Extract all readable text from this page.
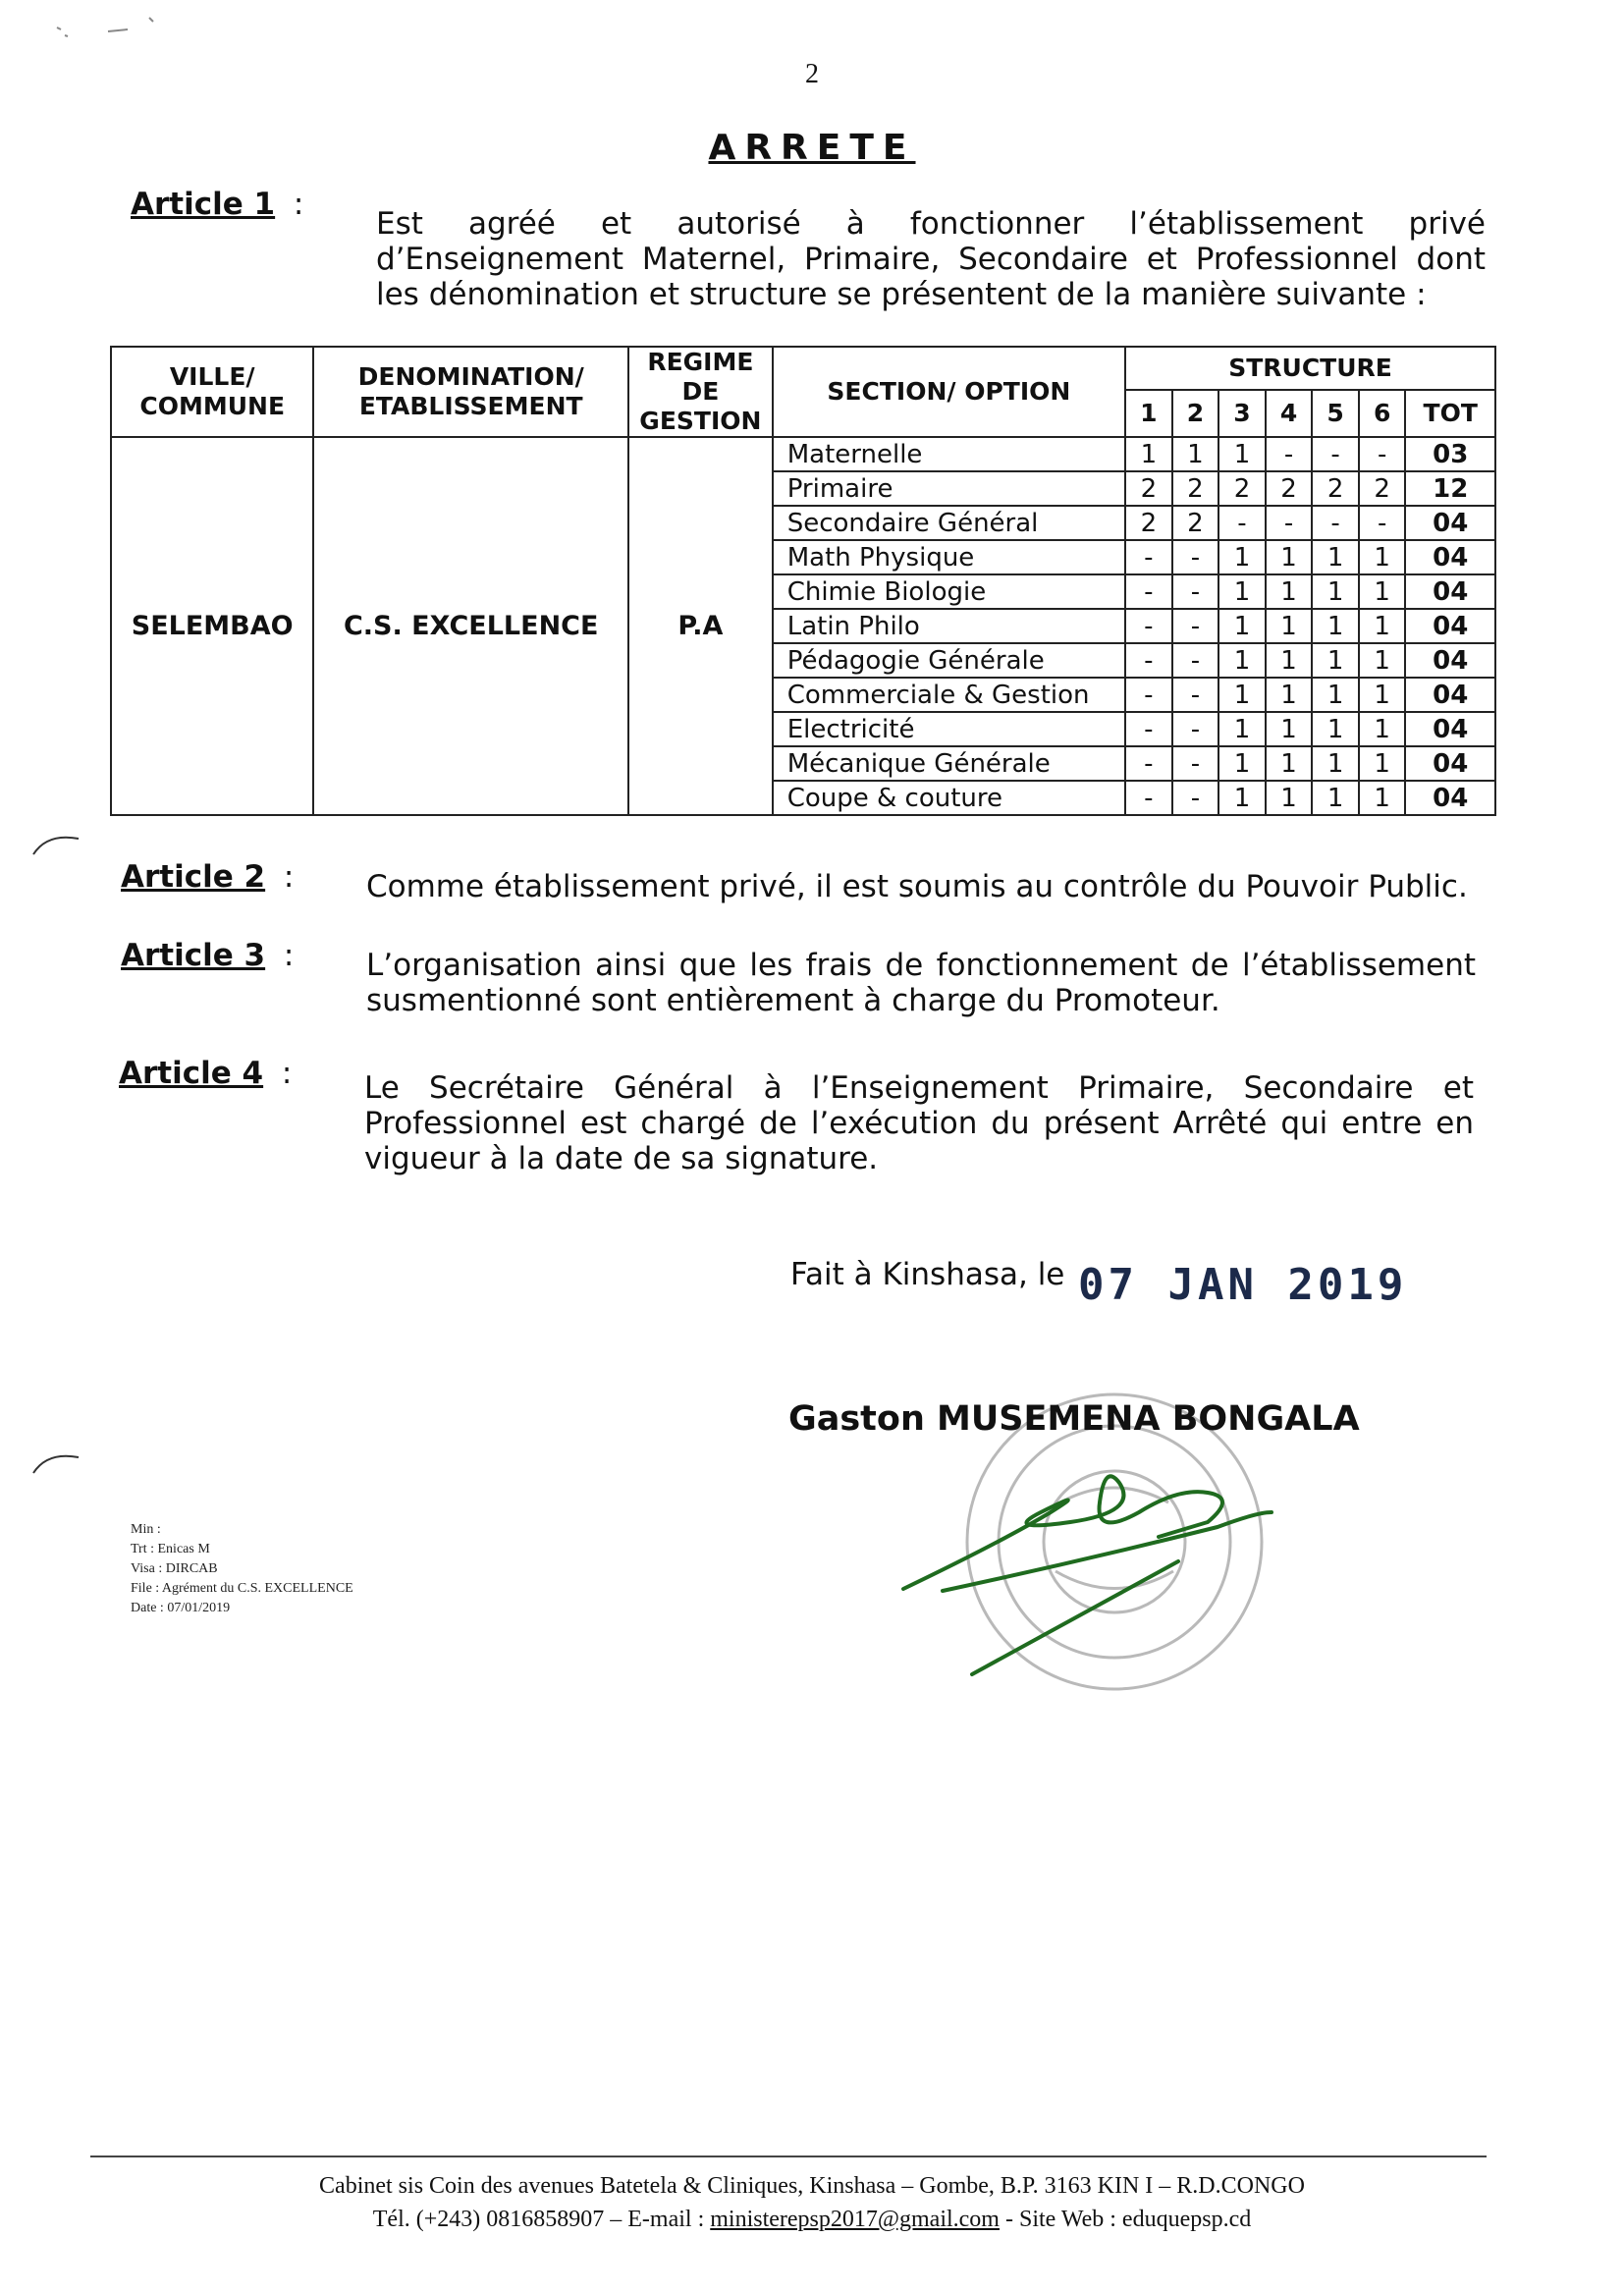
2
ARRETE
Article 1 :
Est agréé et autorisé à fonctionner l’établissement privé d’Enseignement Maternel, Primaire, Secondaire et Professionnel dont les dénomination et structure se présentent de la manière suivante :
VILLE/ COMMUNE	DENOMINATION/ ETABLISSEMENT	REGIME DE GESTION	SECTION/ OPTION	STRUCTURE						
				1	2	3	4	5	6	TOT
SELEMBAO	C.S. EXCELLENCE	P.A	Maternelle	1	1	1	-	-	-	03
			Primaire	2	2	2	2	2	2	12
			Secondaire Général	2	2	-	-	-	-	04
			Math Physique	-	-	1	1	1	1	04
			Chimie Biologie	-	-	1	1	1	1	04
			Latin Philo	-	-	1	1	1	1	04
			Pédagogie Générale	-	-	1	1	1	1	04
			Commerciale & Gestion	-	-	1	1	1	1	04
			Electricité	-	-	1	1	1	1	04
			Mécanique Générale	-	-	1	1	1	1	04
			Coupe & couture	-	-	1	1	1	1	04
Article 2 : Comme établissement privé, il est soumis au contrôle du Pouvoir Public.
Article 3 : L’organisation ainsi que les frais de fonctionnement de l’établissement susmentionné sont entièrement à charge du Promoteur.
Article 4 : Le Secrétaire Général à l’Enseignement Primaire, Secondaire et Professionnel est chargé de l’exécution du présent Arrêté qui entre en vigueur à la date de sa signature.
Fait à Kinshasa, le 07 JAN 2019
Gaston MUSEMENA BONGALA
Min :
Trt : Enicas M
Visa : DIRCAB
File : Agrément du C.S. EXCELLENCE
Date : 07/01/2019
Cabinet sis Coin des avenues Batetela & Cliniques, Kinshasa – Gombe, B.P. 3163 KIN I – R.D.CONGO
Tél. (+243) 0816858907 – E-mail : ministerepsp2017@gmail.com - Site Web : eduquepsp.cd
